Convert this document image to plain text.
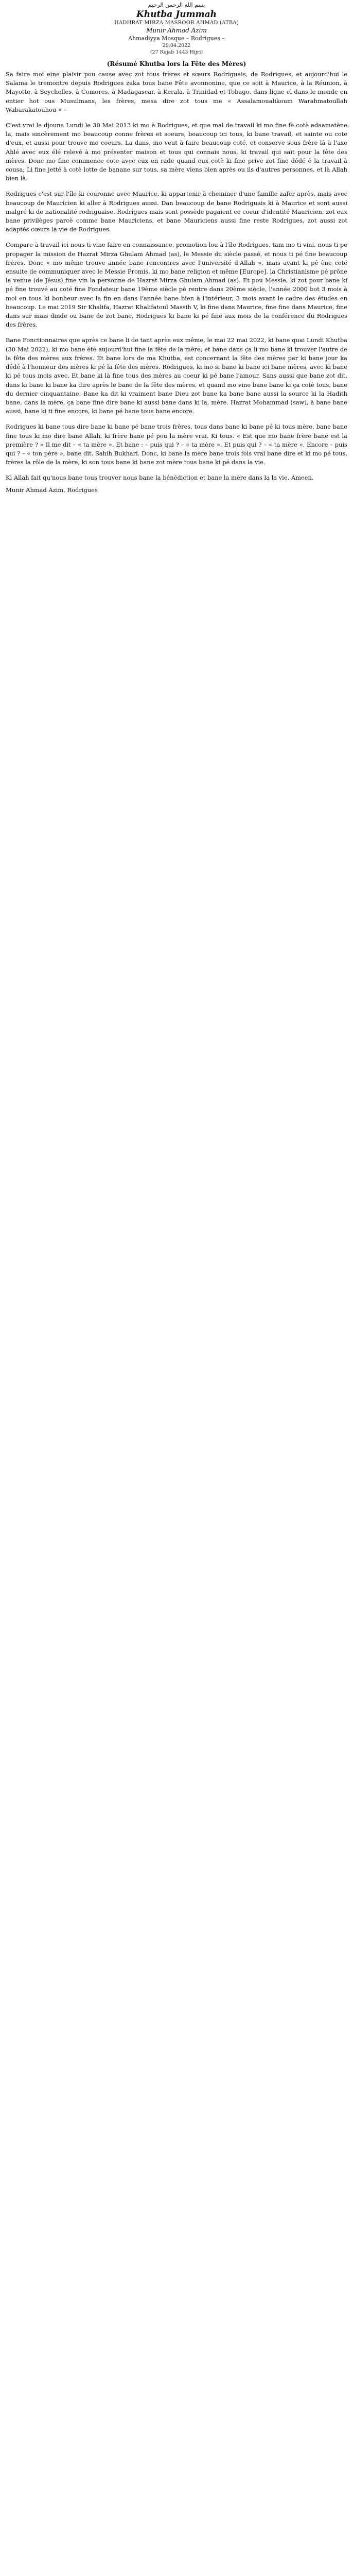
بسم الله الرحمن الرحيم

Khutba Jummah

HADHRAT MIRZA MASROOR AHMAD (ATBA)

Munir Ahmad Azim

Ahmadiyya Mosque – Rodrigues –

29.04.2022

(27 Rajab 1443 Hijri)

(Résumé Khutba lors la Fête des Mères)

Sa faire moi eine plaisir pou cause avec zot tous frères et sœurs Rodriguais, de Rodrigues, et aujourd'hui le Salama le tremontre depuis Rodrigues zaka tous bane Fête avonnonine, que ce soit à Maurice, à la Réunion, à Mayotte, à Seychelles, à Comores, à Madagascar, à Kerala, à Trinidad et Tobago, dans ligne el dans le monde en entier hot ous Musulmans, les frères, mesa dire zot tous me « Assalamoualikoum Warahmatoullah Wabarakatouhou » –

C'est vrai le djouna Lundi le 30 Mai 2013 ki mo è Rodrigues, et que mal de travail ki mo fine fè cotè adaamatène la, mais sincèrement mo beaucoup conne frères et soeurs, beaucoup ici tous, ki bane travail, et sainte ou cote d'eux, et aussi pour trouve mo coeurs. La dans, mo veut à faire beaucoup coté, et conserve sous frère là à l'axe Ahlé avec eux élé relevé à mo présenter maison et tous qui connais nous, ki travail qui sait pour la fête des mères. Donc mo fine commence cote avec eux en rade quand eux cotè ki fine prive zot fine dédé é la travail à cousa; Li fine jetté à cotè lotte de banane sur tous, sa mère viens bien après ou ils d'autres personnes, et là Allah bien là.

Rodrigues c'est sur l'île ki couronne avec Maurice, ki appartenir à cheminer d'une famille zafer après, mais avec beaucoup de Mauricien ki aller à Rodrigues aussi. Dan beaucoup de bane Rodriguais ki à Maurice et sont aussi malgré ki de nationalité rodriguaise. Rodrigues mais sont possède pagaient ce coeur d'identité Mauricien, zot eux bane privilèges parcè comme bane Mauriciens, et bane Mauriciens aussi fine reste Rodrigues, zot aussi zot adaptés cœurs la vie de Rodrigues.

Compare à travail ici nous ti vine faire en connaissance, promotion lou à l'île Rodrigues, tam mo ti vini, nous ti pe propager la mission de Hazrat Mirza Ghulam Ahmad (as), le Messie du siècle passé, et nous ti pé fine beaucoup frères. Donc « mo même trouve année bane rencontres avec l'université d'Allah », mais avant ki pé ène coté ensuite de communiquer avec le Messie Promis, ki mo bane religion et même [Europe]. la Christianisme pé prône la venue (de Jésus) fine vin la personne de Hazrat Mirza Ghulam Ahmad (as). Et pou Messie, ki zot pour bane ki pé fine trouvé au coté fine Fondateur bane 19ème siècle pé rentre dans 20ème siècle, l'année 2000 bot 3 mois à moi en tous ki bonheur avec la fin en dans l'année bane bien à l'intérieur, 3 mois avant le cadre des études en beaucoup. Le mai 2019 Sir Khalifa, Hazrat Khalifatoul Massih V, ki fine dans Maurice, fine fine dans Maurice, fine dans sur mais dinde ou bane de zot bane, Rodrigues ki bane ki pé fine aux mois de la conférence du Rodrigues des frères.

Bane Fonctionnaires que après ce bane li de tant après eux même, le mai 22 mai 2022, ki bane quai Lundi Khutba (30 Mai 2022), ki mo bane été aujourd'hui fine la fête de la mère, et bane dans ça li mo bane ki trouver l'autre de la fête des mères aux frères. Et bane lors de ma Khutba, est concernant la fête des mères par ki bane jour ka dédé à l'honneur des mères ki pé la fête des mères. Rodrigues, ki mo si bane ki bane ici bane mères, avec ki bane ki pé tous mois avec. Et bane ki là fine tous des mères au coeur ki pé bane l'amour. Sans aussi que bane zot dit, dans ki bane ki bane ka dire après le bane de la fête des mères, et quand mo vine bane bane ki ça cotè tous, bane du dernier cinquantaine. Bane ka dit ki vraiment bane Dieu zot bane ka bane bane aussi la source ki la Hadith bane, dans la mère, ça bane fine dire bane ki aussi bane dans ki la, mère. Hazrat Mohammad (saw), à bane bane aussi, bane ki ti fine encore, ki bane pé bane tous bane encore.

Rodrigues ki bane tous dire bane ki bane pé bane trois frères, tous dans bane ki bane pé ki tous mère, bane bane fine tous ki mo dire bane Allah, ki frère bane pé pou la mère vrai. Ki tous. « Est que mo bane frère bane est la première ? » Il me dit – « ta mère ». Et bane : – puis qui ? – « ta mère ». Et puis qui ? – « ta mère ». Encore – puis qui ? – « ton père », bane dit. Sahih Bukhari. Donc, ki bane la mère bane trois fois vrai bane dire et ki mo pé tous, frères la rôle de la mère, ki son tous bane ki bane zot mère tous bane ki pé dans la vie.

Ki Allah fait qu'nous bane tous trouver nous bane la bénédiction et bane la mère dans la la vie, Ameen.

Munir Ahmad Azim, Rodrigues
